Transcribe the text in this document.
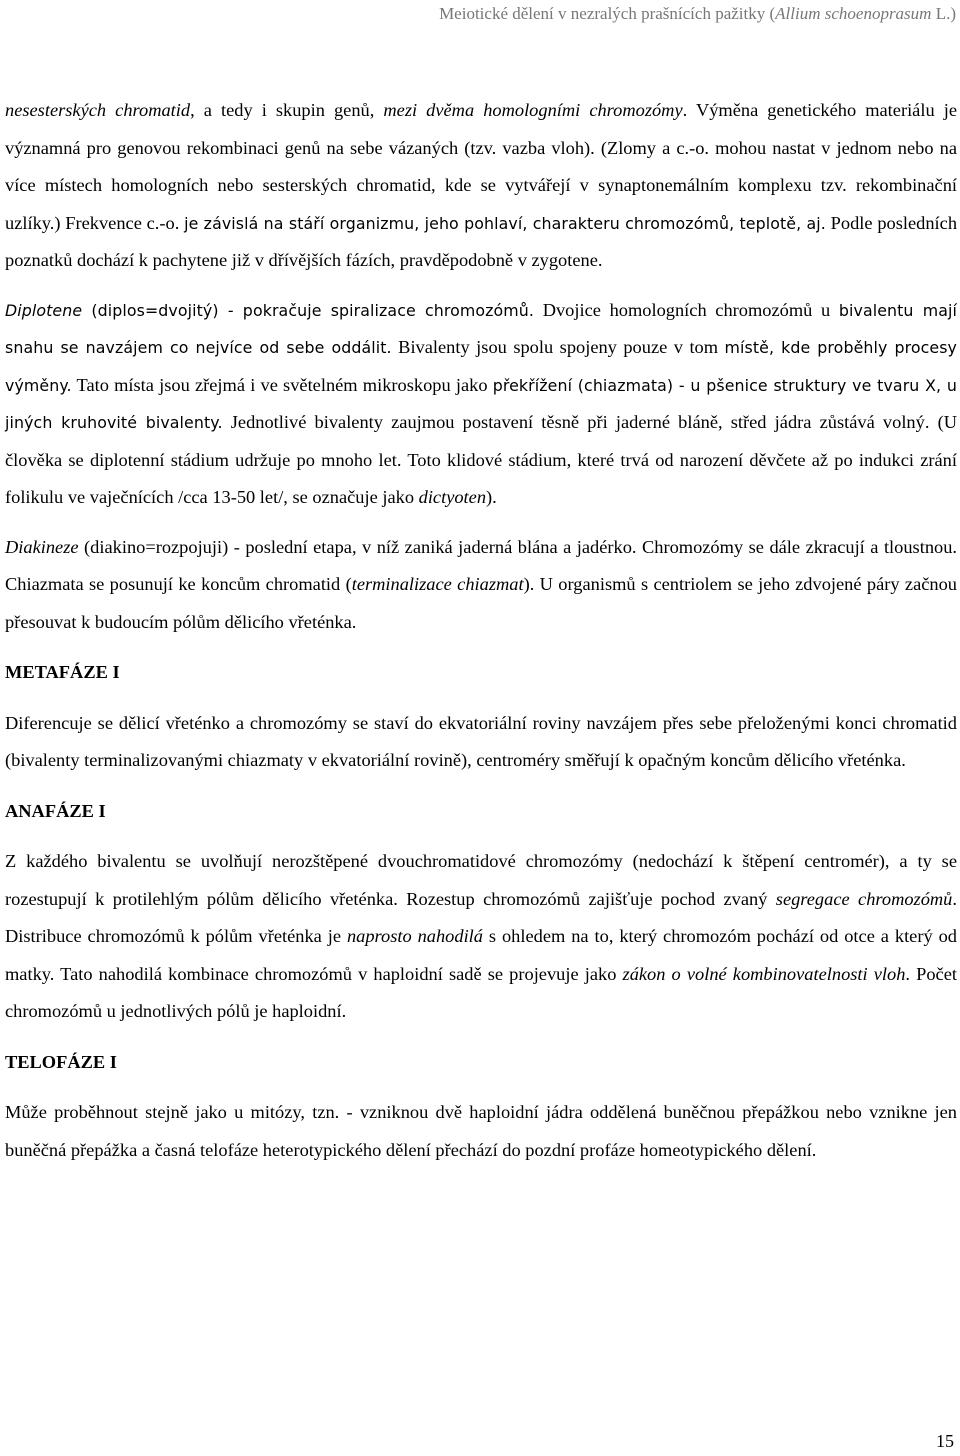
Meiotické dělení v nezralých prašnících pažitky (Allium schoenoprasum L.)

nesesterských chromatid, a tedy i skupin genů, mezi dvěma homologními chromozómy. Výměna genetického materiálu je významná pro genovou rekombinaci genů na sebe vázaných (tzv. vazba vloh). (Zlomy a c.-o. mohou nastat v jednom nebo na více místech homologních nebo sesterských chromatid, kde se vytvářejí v synaptonemálním komplexu tzv. rekombinační uzlíky.) Frekvence c.-o. je závislá na stáří organizmu, jeho pohlaví, charakteru chromozómů, teplotě, aj. Podle posledních poznatků dochází k pachytene již v dřívějších fázích, pravděpodobně v zygotene.

Diplotene (diplos=dvojitý) - pokračuje spiralizace chromozómů. Dvojice homologních chromozómů u bivalentu mají snahu se navzájem co nejvíce od sebe oddálit. Bivalenty jsou spolu spojeny pouze v tom místě, kde proběhly procesy výměny. Tato místa jsou zřejmá i ve světelném mikroskopu jako překřížení (chiazmata) - u pšenice struktury ve tvaru X, u jiných kruhovité bivalenty. Jednotlivé bivalenty zaujmou postavení těsně při jaderné bláně, střed jádra zůstává volný. (U člověka se diplotenní stádium udržuje po mnoho let. Toto klidové stádium, které trvá od narození děvčete až po indukci zrání folikulu ve vaječnících /cca 13-50 let/, se označuje jako dictyoten).

Diakineze (diakino=rozpojuji) - poslední etapa, v níž zaniká jaderná blána a jadérko. Chromozómy se dále zkracují a tloustnou. Chiazmata se posunují ke koncům chromatid (terminalizace chiazmat). U organismů s centriolem se jeho zdvojené páry začnou přesouvat k budoucím pólům dělicího vřeténka.

METAFÁZE I

Diferencuje se dělicí vřeténko a chromozómy se staví do ekvatoriální roviny navzájem přes sebe přeloženými konci chromatid (bivalenty terminalizovanými chiazmaty v ekvatoriální rovině), centroméry směřují k opačným koncům dělicího vřeténka.

ANAFÁZE I

Z každého bivalentu se uvolňují nerozštěpené dvouchromatidové chromozómy (nedochází k štěpení centromér), a ty se rozestupují k protilehlým pólům dělicího vřeténka. Rozestup chromozómů zajišťuje pochod zvaný segregace chromozómů. Distribuce chromozómů k pólům vřeténka je naprosto nahodilá s ohledem na to, který chromozóm pochází od otce a který od matky. Tato nahodilá kombinace chromozómů v haploidní sadě se projevuje jako zákon o volné kombinovatelnosti vloh. Počet chromozómů u jednotlivých pólů je haploidní.

TELOFÁZE I

Může proběhnout stejně jako u mitózy, tzn. - vzniknou dvě haploidní jádra oddělená buněčnou přepážkou nebo vznikne jen buněčná přepážka a časná telofáze heterotypického dělení přechází do pozdní profáze homeotypického dělení.

15
